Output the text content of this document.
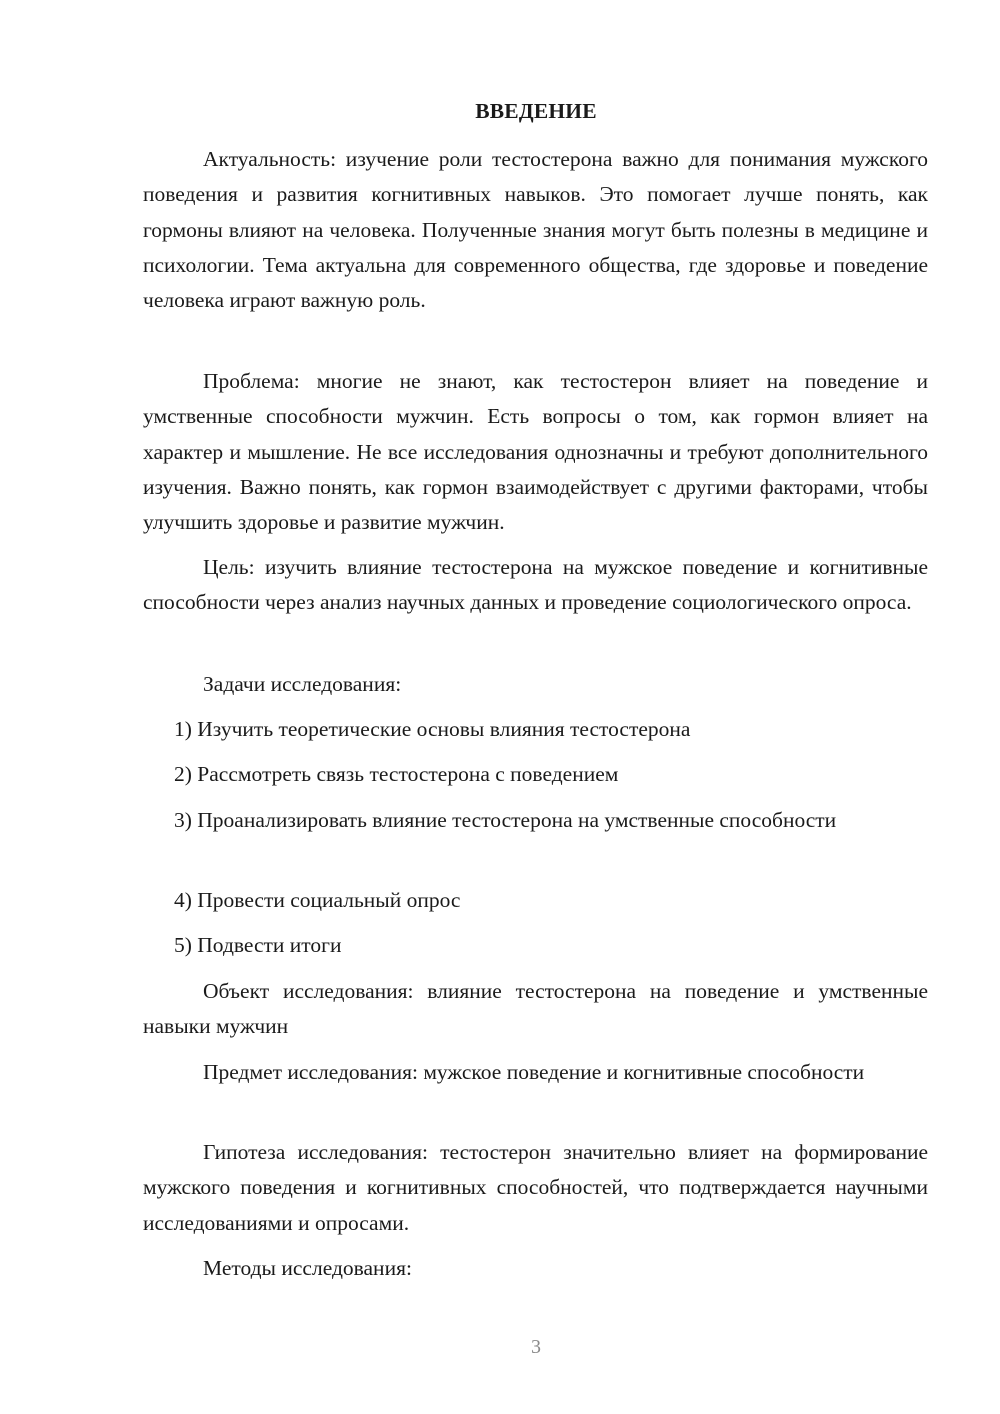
ВВЕДЕНИЕ

Актуальность: изучение роли тестостерона важно для понимания мужского поведения и развития когнитивных навыков. Это помогает лучше понять, как гормоны влияют на человека. Полученные знания могут быть полезны в медицине и психологии. Тема актуальна для современного общества, где здоровье и поведение человека играют важную роль.

Проблема: многие не знают, как тестостерон влияет на поведение и умственные способности мужчин. Есть вопросы о том, как гормон влияет на характер и мышление. Не все исследования однозначны и требуют дополнительного изучения. Важно понять, как гормон взаимодействует с другими факторами, чтобы улучшить здоровье и развитие мужчин.

Цель: изучить влияние тестостерона на мужское поведение и когнитивные способности через анализ научных данных и проведение социологического опроса.

Задачи исследования:

1) Изучить теоретические основы влияния тестостерона

2) Рассмотреть связь тестостерона с поведением

3) Проанализировать влияние тестостерона на умственные способности

4) Провести социальный опрос

5) Подвести итоги

Объект исследования: влияние тестостерона на поведение и умственные навыки мужчин

Предмет исследования: мужское поведение и когнитивные способности

Гипотеза исследования: тестостерон значительно влияет на формирование мужского поведения и когнитивных способностей, что подтверждается научными исследованиями и опросами.

Методы исследования:

3
